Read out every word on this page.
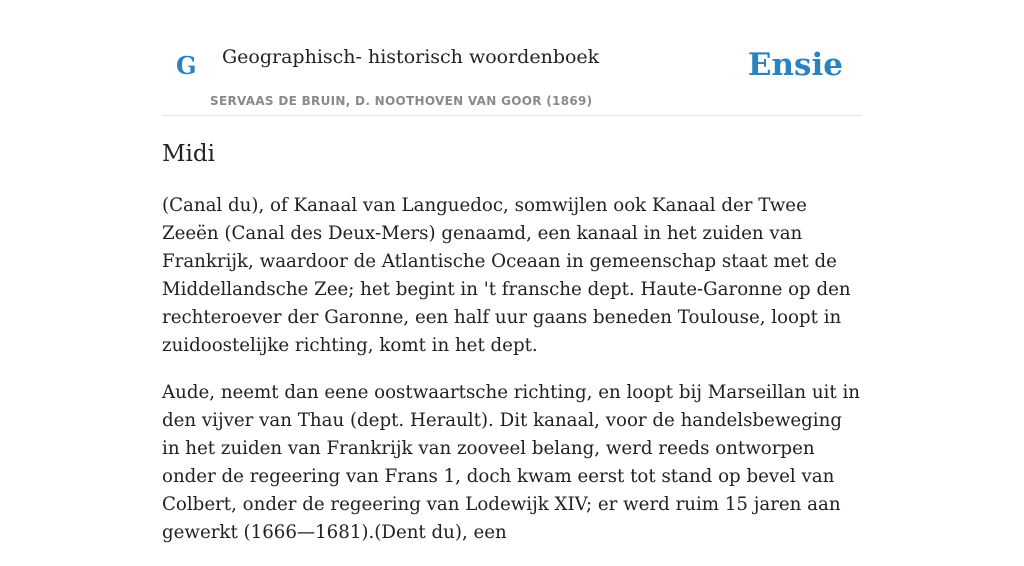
G Geographisch- historisch woordenboek
SERVAAS DE BRUIN, D. NOOTHOVEN VAN GOOR (1869)
Ensie
Midi

(Canal du), of Kanaal van Languedoc, somwijlen ook Kanaal der Twee Zeeën (Canal des Deux-Mers) genaamd, een kanaal in het zuiden van Frankrijk, waardoor de Atlantische Oceaan in gemeenschap staat met de Middellandsche Zee; het begint in 't fransche dept. Haute-Garonne op den rechteroever der Garonne, een half uur gaans beneden Toulouse, loopt in zuidoostelijke richting, komt in het dept.

Aude, neemt dan eene oostwaartsche richting, en loopt bij Marseillan uit in den vijver van Thau (dept. Herault). Dit kanaal, voor de handelsbeweging in het zuiden van Frankrijk van zooveel belang, werd reeds ontworpen onder de regeering van Frans 1, doch kwam eerst tot stand op bevel van Colbert, onder de regeering van Lodewijk XIV; er werd ruim 15 jaren aan gewerkt (1666—1681).(Dent du), een
